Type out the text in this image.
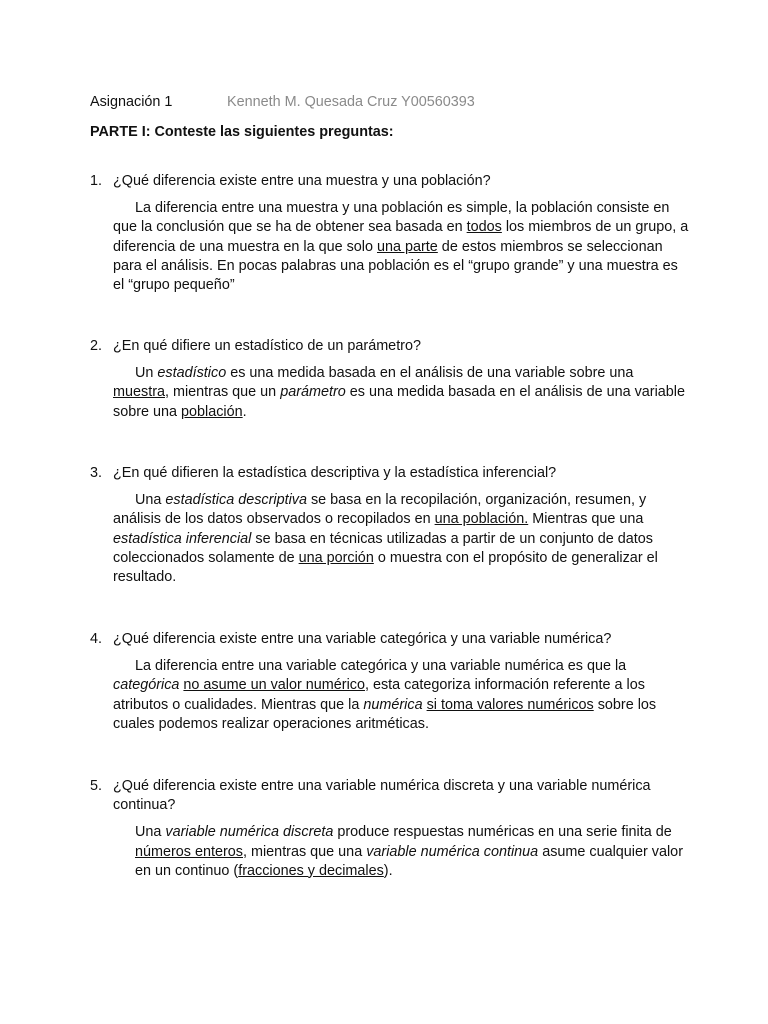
Asignación 1	Kenneth M. Quesada Cruz Y00560393
PARTE I: Conteste las siguientes preguntas:
1. ¿Qué diferencia existe entre una muestra y una población?
La diferencia entre una muestra y una población es simple, la población consiste en que la conclusión que se ha de obtener sea basada en todos los miembros de un grupo, a diferencia de una muestra en la que solo una parte de estos miembros se seleccionan para el análisis. En pocas palabras una población es el “grupo grande” y una muestra es el “grupo pequeño”
2. ¿En qué difiere un estadístico de un parámetro?
Un estadístico es una medida basada en el análisis de una variable sobre una muestra, mientras que un parámetro es una medida basada en el análisis de una variable sobre una población.
3. ¿En qué difieren la estadística descriptiva y la estadística inferencial?
Una estadística descriptiva se basa en la recopilación, organización, resumen, y análisis de los datos observados o recopilados en una población. Mientras que una estadística inferencial se basa en técnicas utilizadas a partir de un conjunto de datos coleccionados solamente de una porción o muestra con el propósito de generalizar el resultado.
4. ¿Qué diferencia existe entre una variable categórica y una variable numérica?
La diferencia entre una variable categórica y una variable numérica es que la categórica no asume un valor numérico, esta categoriza información referente a los atributos o cualidades. Mientras que la numérica si toma valores numéricos sobre los cuales podemos realizar operaciones aritméticas.
5. ¿Qué diferencia existe entre una variable numérica discreta y una variable numérica continua?
Una variable numérica discreta produce respuestas numéricas en una serie finita de números enteros, mientras que una variable numérica continua asume cualquier valor en un continuo (fracciones y decimales).
